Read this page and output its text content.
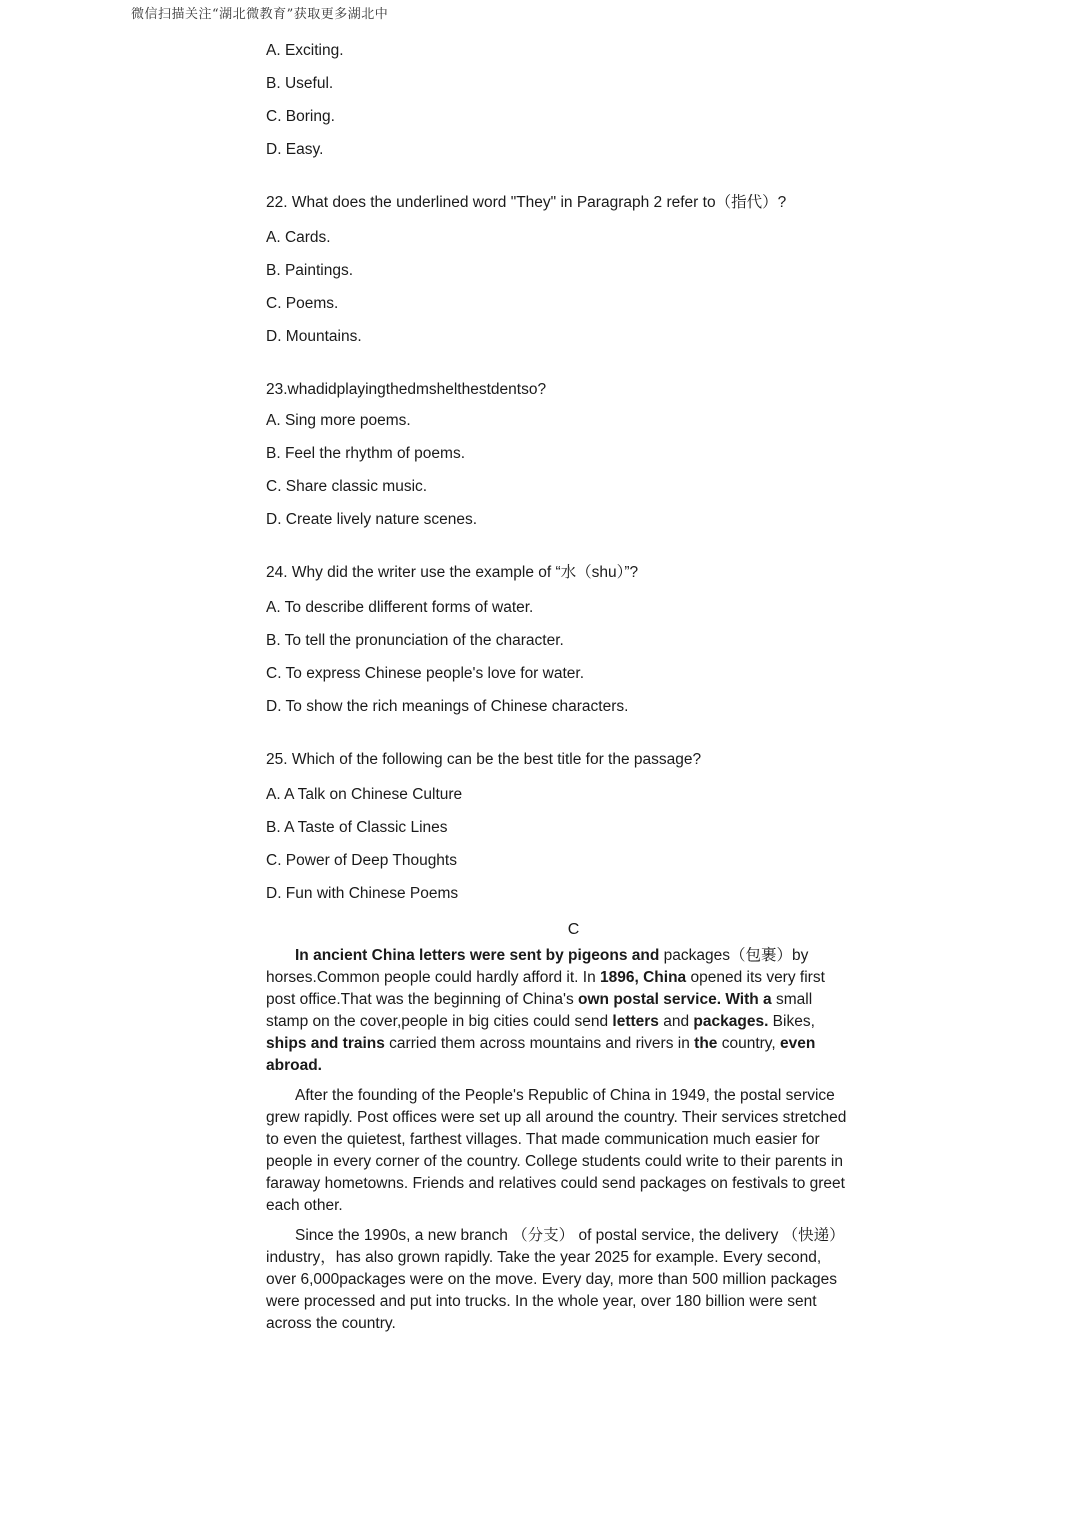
微信扫描关注“湖北微教育”获取更多湖北中
A. Exciting.
B. Useful.
C. Boring.
D. Easy.
22. What does the underlined word "They" in Paragraph 2 refer to（指代）?
A. Cards.
B. Paintings.
C. Poems.
D. Mountains.
23.whadidplayingthedmshelthestdentso?
A. Sing more poems.
B. Feel the rhythm of poems.
C. Share classic music.
D. Create lively nature scenes.
24. Why did the writer use the example of “水（shu）”?
A. To describe dlifferent forms of water.
B. To tell the pronunciation of the character.
C. To express Chinese people's love for water.
D. To show the rich meanings of Chinese characters.
25. Which of the following can be the best title for the passage?
A. A Talk on Chinese Culture
B. A Taste of Classic Lines
C. Power of Deep Thoughts
D. Fun with Chinese Poems
C

In ancient China letters were sent by pigeons and packages（包裹）by horses.Common people could hardly afford it. In 1896, China opened its very first post office.That was the beginning of China's own postal service. With a small stamp on the cover,people in big cities could send letters and packages. Bikes, ships and trains carried them across mountains and rivers in the country, even abroad.

After the founding of the People's Republic of China in 1949, the postal service grew rapidly. Post offices were set up all around the country. Their services stretched to even the quietest, farthest villages. That made communication much easier for people in every corner of the country. College students could write to their parents in faraway hometowns. Friends and relatives could send packages on festivals to greet each other.

Since the 1990s, a new branch （分支） of postal service, the delivery （快递） industry，has also grown rapidly. Take the year 2025 for example. Every second, over 6,000packages were on the move. Every day, more than 500 million packages were processed and put into trucks. In the whole year, over 180 billion were sent across the country.
